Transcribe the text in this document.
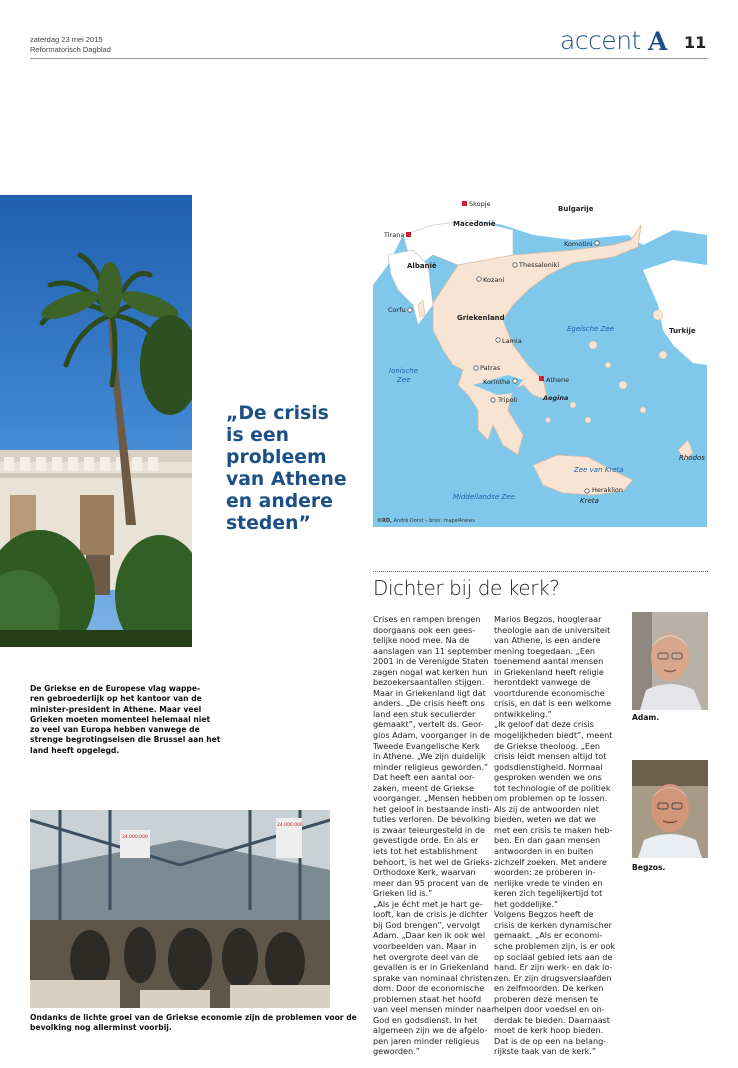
zaterdag 23 mei 2015
Reformatorisch Dagblad	accent A 11
De Griekse en de Europese vlag wappe-
ren gebroederlijk op het kantoor van de
minister-president in Athene. Maar veel
Grieken moeten momenteel helemaal niet
zo veel van Europa hebben vanwege de
strenge begrotingseisen die Brussel aan het
land heeft opgelegd.
„De crisis
is een
probleem
van Athene
en andere
steden”
Skopje
Macedonië
Bulgarije
Tirana
Albanië
Komotini
Thessaloniki
Kozani
Corfu
Griekenland
Egeïsche Zee	Turkije
Lamia
Ionische
Zee
Patras
Korinthe	Athene
Tripoli	Aegina
Rhodos
Zee van Kreta
Heraklion
Middellandse Zee	Kreta
©RD, André Dorst – bron: mapsl4news
Dichter bij de kerk?
Crises en rampen brengen
doorgaans ook een gees-
telijke nood mee. Na de
aanslagen van 11 september
2001 in de Verenigde Staten
zagen nogal wat kerken hun
bezoekersaantallen stijgen.
Maar in Griekenland ligt dat
anders. „De crisis heeft ons
land een stuk seculierder
gemaakt”, vertelt ds. Geor-
gios Adam, voorganger in de
Tweede Evangelische Kerk
in Athene. „We zijn duidelijk
minder religieus geworden.”
Dat heeft een aantal oor-
zaken, meent de Griekse
voorganger. „Mensen hebben
het geloof in bestaande insti-
tuties verloren. De bevolking
is zwaar teleurgesteld in de
gevestigde orde. En als er
iets tot het establishment
behoort, is het wel de Grieks-
Orthodoxe Kerk, waarvan
meer dan 95 procent van de
Grieken lid is.”
„Als je écht met je hart ge-
looft, kan de crisis je dichter
bij God brengen”, vervolgt
Adam. „Daar ken ik ook wel
voorbeelden van. Maar in
het overgrote deel van de
gevallen is er in Griekenland
sprake van nominaal christen-
dom. Door de economische
problemen staat het hoofd
van veel mensen minder naar
God en godsdienst. In het
algemeen zijn we de afgelo-
pen jaren minder religieus
geworden.”
Marios Begzos, hoogleraar
theologie aan de universiteit
van Athene, is een andere
mening toegedaan. „Een
toenemend aantal mensen
in Griekenland heeft religie
herontdekt vanwege de
voortdurende economische
crisis, en dat is een welkome
ontwikkeling.”
„Ik geloof dat deze crisis
mogelijkheden biedt”, meent
de Griekse theoloog. „Een
crisis leidt mensen altijd tot
godsdienstigheid. Normaal
gesproken wenden we ons
tot technologie of de politiek
om problemen op te lossen.
Als zij de antwoorden niet
bieden, weten we dat we
met een crisis te maken heb-
ben. En dan gaan mensen
antwoorden in en buiten
zichzelf zoeken. Met andere
woorden: ze proberen in-
nerlijke vrede te vinden en
keren zich tegelijkertijd tot
het goddelijke.”
Volgens Begzos heeft de
crisis de kerken dynamischer
gemaakt. „Als er economi-
sche problemen zijn, is er ook
op sociaal gebied iets aan de
hand. Er zijn werk- en dak lo-
zen. Er zijn drugsverslaafden
en zelfmoorden. De kerken
proberen deze mensen te
helpen door voedsel en on-
derdak te bieden. Daarnaast
moet de kerk hoop bieden.
Dat is de op een na belang-
rijkste taak van de kerk.”
Adam.
Begzos.
24.000.000
24.000.000
Ondanks de lichte groei van de Griekse economie zijn de problemen voor de
bevolking nog allerminst voorbij.
